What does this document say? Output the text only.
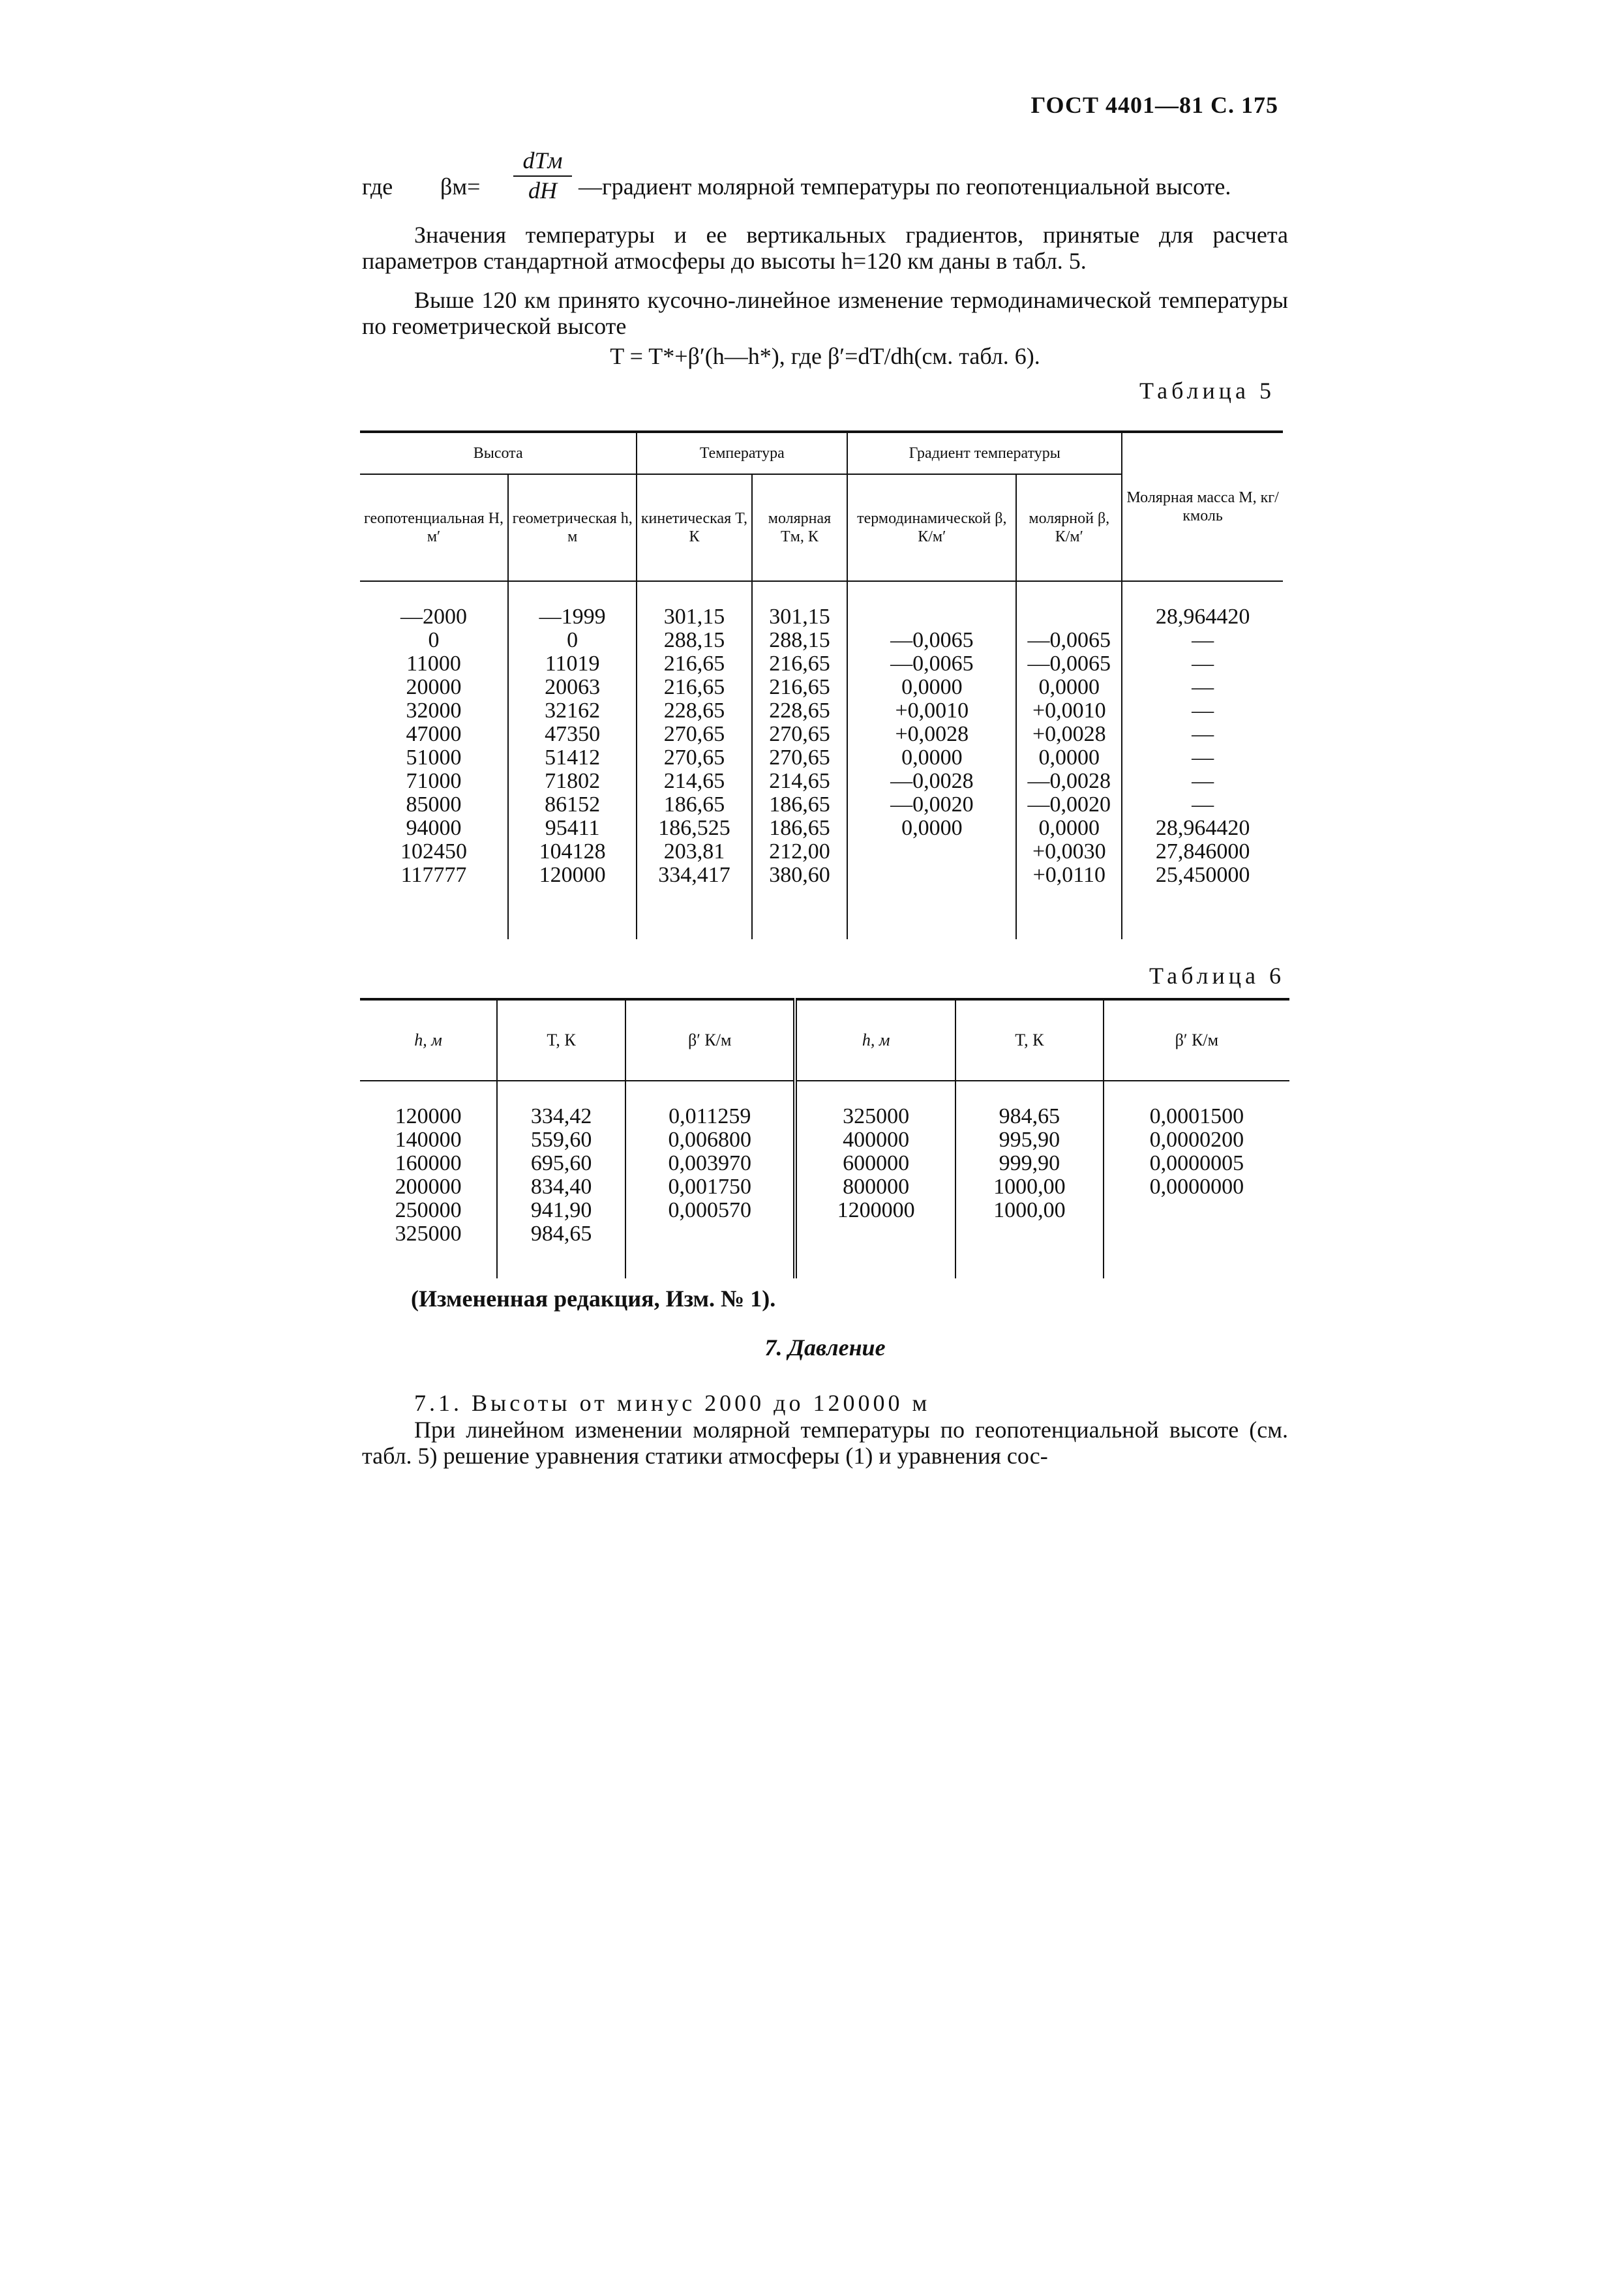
ГОСТ 4401—81 С. 175
где βм=
dTм
dH —градиент молярной температуры по геопотенциальной высоте.
Значения температуры и ее вертикальных градиентов, принятые для расчета параметров стандартной атмосферы до высоты h=120 км даны в табл. 5.
Выше 120 км принято кусочно-линейное изменение термодинамической температуры по геометрической высоте
T = T*+β′(h—h*), где β′=dT/dh(см. табл. 6).
Таблица 5
Высота		Температура		Градиент температуры		Молярная масса M, кг/кмоль
геопотенциальная H, м′	геометрическая h, м	кинетическая T, К	молярная Tм, К	термодинамической β, К/м′	молярной β, К/м′	

—2000	—1999	301,15	301,15			28,964420
0	0	288,15	288,15	—0,0065	—0,0065	—
11000	11019	216,65	216,65	—0,0065	—0,0065	—
20000	20063	216,65	216,65	0,0000	0,0000	—
32000	32162	228,65	228,65	+0,0010	+0,0010	—
47000	47350	270,65	270,65	+0,0028	+0,0028	—
51000	51412	270,65	270,65	0,0000	0,0000	—
71000	71802	214,65	214,65	—0,0028	—0,0028	—
85000	86152	186,65	186,65	—0,0020	—0,0020	—
94000	95411	186,525	186,65	0,0000	0,0000	28,964420
102450	104128	203,81	212,00		+0,0030	27,846000
117777	120000	334,417	380,60		+0,0110	25,450000

Таблица 6
h, м	T, К	β′ К/м	h, м	T, К	β′ К/м

120000	334,42	0,011259	325000	984,65	0,0001500
140000	559,60	0,006800	400000	995,90	0,0000200
160000	695,60	0,003970	600000	999,90	0,0000005
200000	834,40	0,001750	800000	1000,00	0,0000000
250000	941,90	0,000570	1200000	1000,00	
325000	984,65				

(Измененная редакция, Изм. № 1).
7. Давление
7.1. Высоты от минус 2000 до 120000 м
При линейном изменении молярной температуры по геопотенциальной высоте (см. табл. 5) решение уравнения статики атмосферы (1) и уравнения сос-
